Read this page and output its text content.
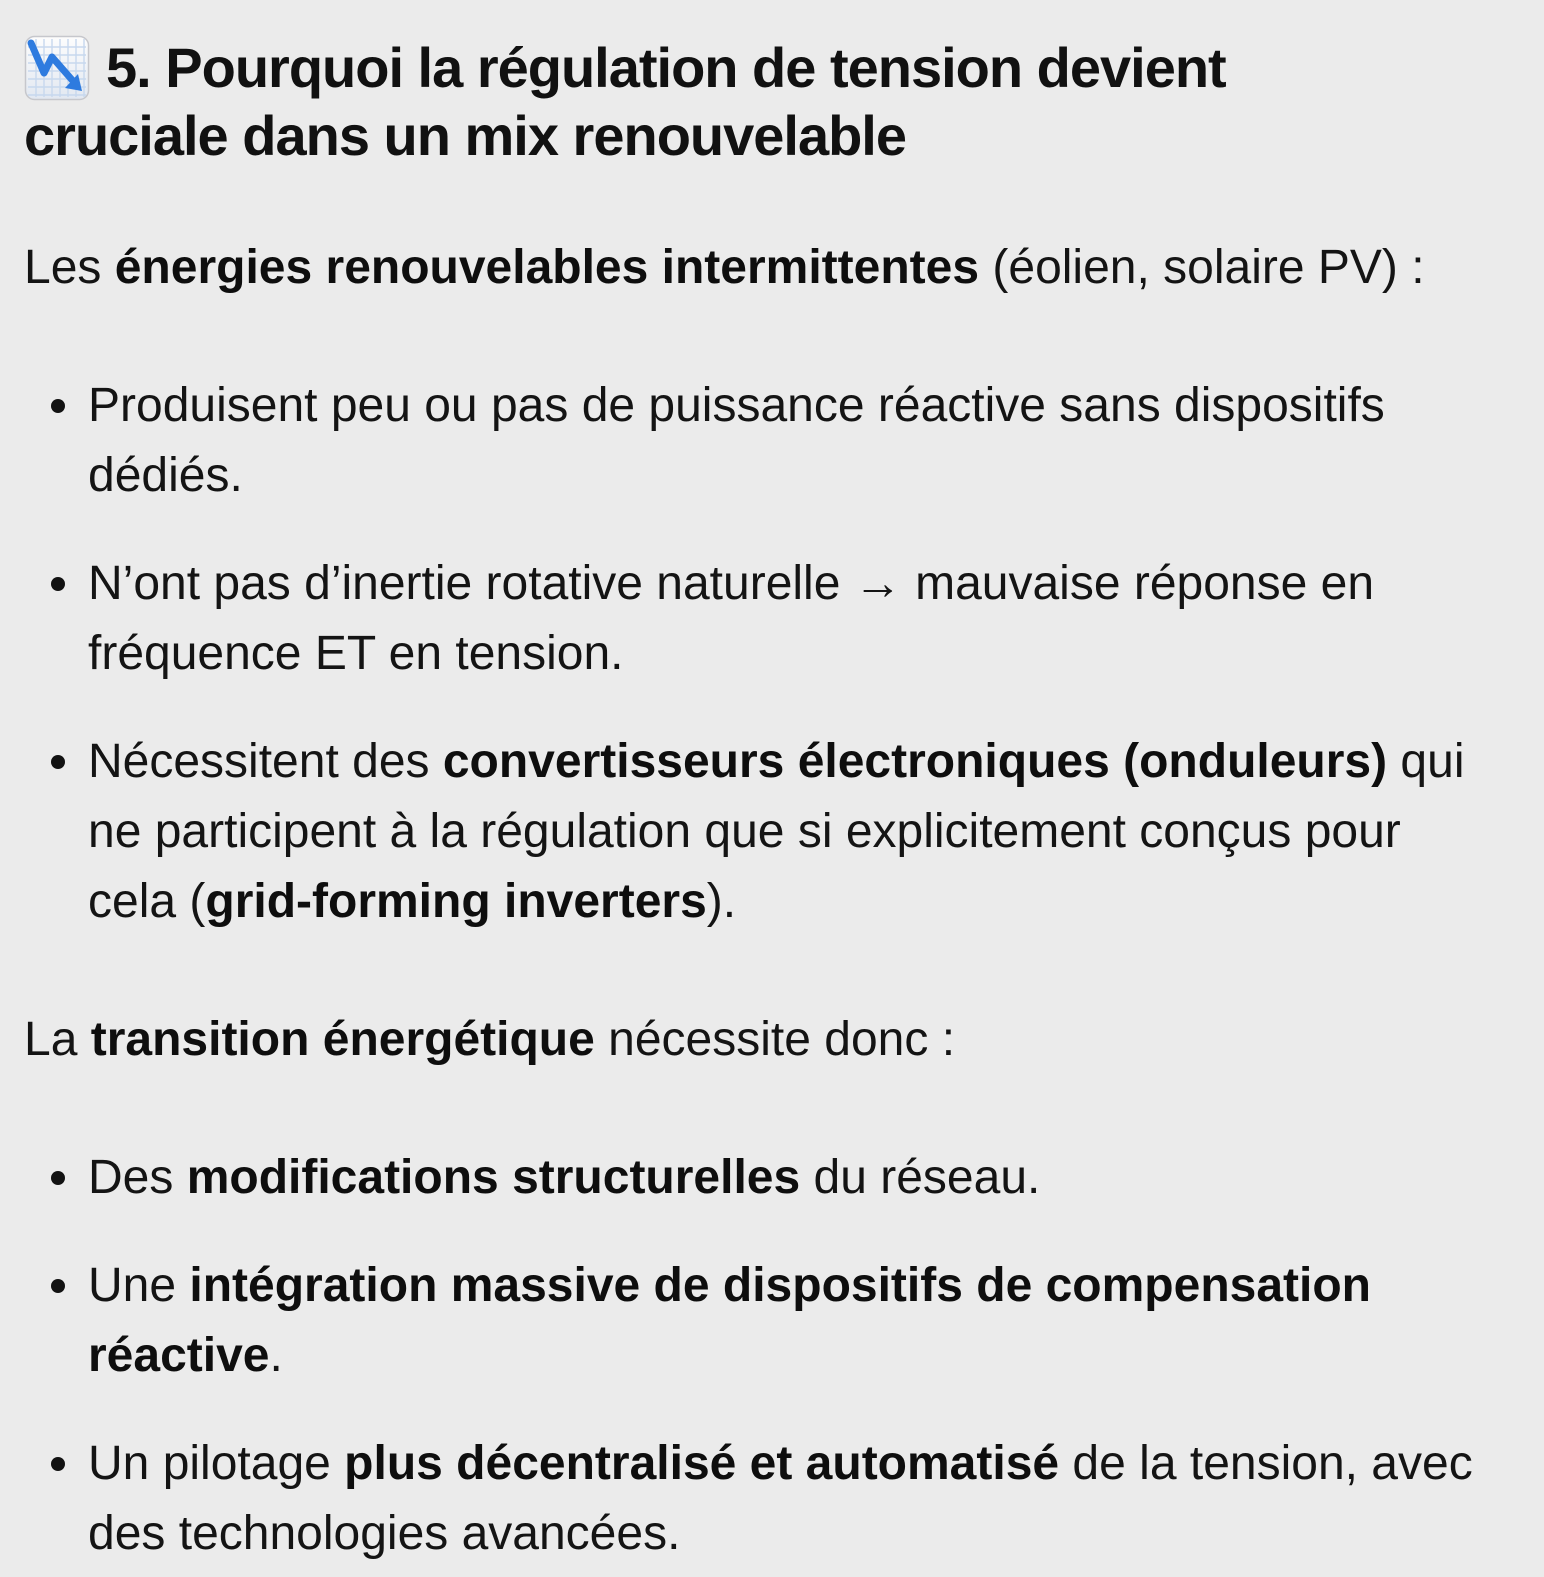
5. Pourquoi la régulation de tension devient
cruciale dans un mix renouvelable

Les énergies renouvelables intermittentes (éolien, solaire PV) :

Produisent peu ou pas de puissance réactive sans dispositifs
dédiés.
N’ont pas d’inertie rotative naturelle → mauvaise réponse en
fréquence ET en tension.
Nécessitent des convertisseurs électroniques (onduleurs) qui
ne participent à la régulation que si explicitement conçus pour
cela (grid-forming inverters).

La transition énergétique nécessite donc :

Des modifications structurelles du réseau.
Une intégration massive de dispositifs de compensation
réactive.
Un pilotage plus décentralisé et automatisé de la tension, avec
des technologies avancées.
